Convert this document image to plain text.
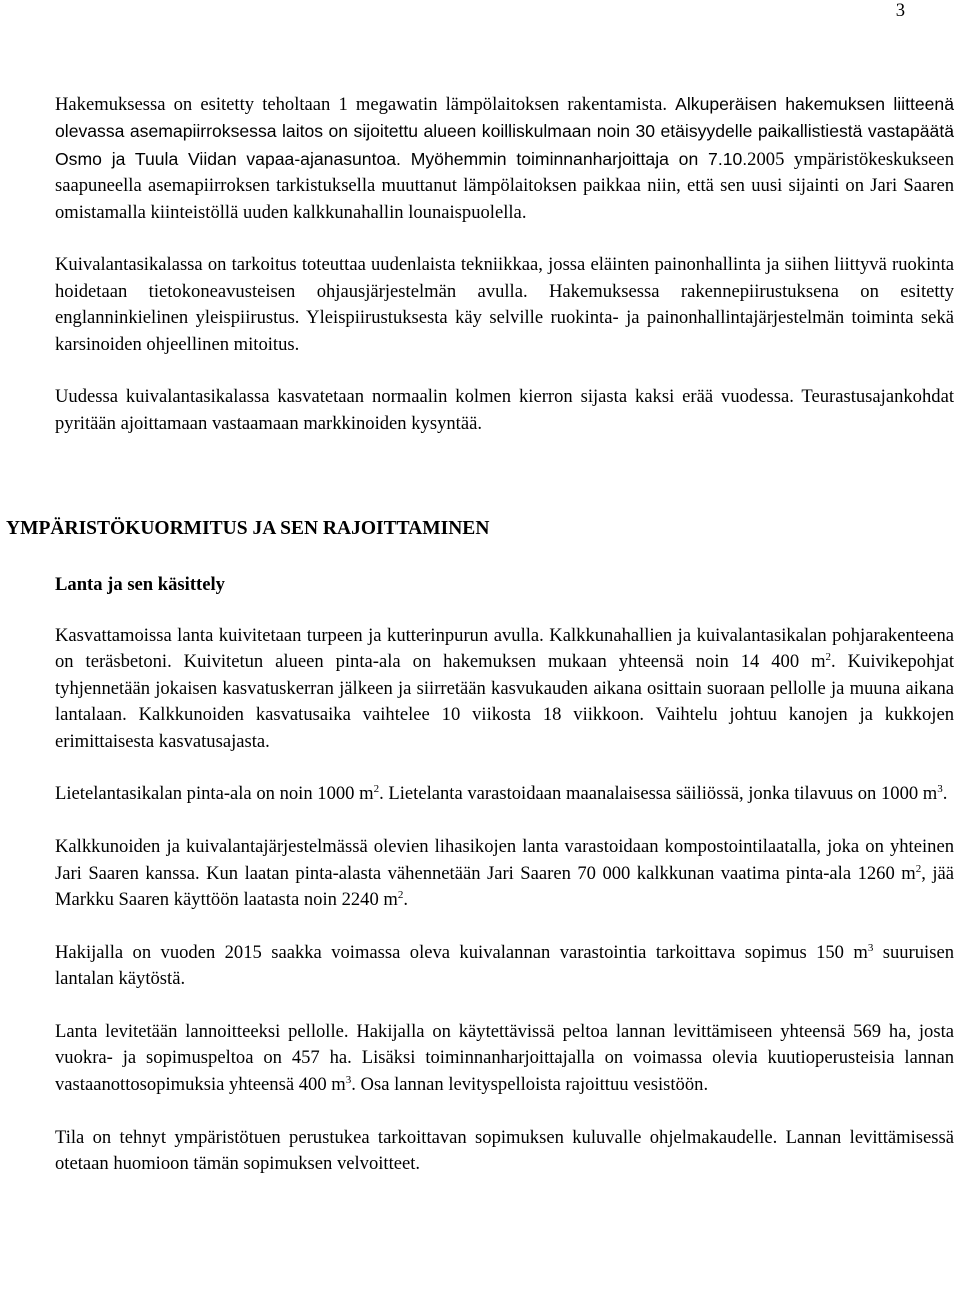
3

Hakemuksessa on esitetty teholtaan 1 megawatin lämpölaitoksen rakentamista. Alkuperäisen hakemuksen liitteenä olevassa asemapiirroksessa laitos on sijoitettu alueen koilliskulmaan noin 30 etäisyydelle paikallistiestä vastapäätä Osmo ja Tuula Viidan vapaa-ajanasuntoa. Myöhemmin toiminnanharjoittaja on 7.10.2005 ympäristökeskukseen saapuneella asemapiirroksen tarkistuksella muuttanut lämpölaitoksen paikkaa niin, että sen uusi sijainti on Jari Saaren omistamalla kiinteistöllä uuden kalkkunahallin lounaispuolella.

Kuivalantasikalassa on tarkoitus toteuttaa uudenlaista tekniikkaa, jossa eläinten painonhallinta ja siihen liittyvä ruokinta hoidetaan tietokoneavusteisen ohjausjärjestelmän avulla. Hakemuksessa rakennepiirustuksena on esitetty englanninkielinen yleispiirustus. Yleispiirustuksesta käy selville ruokinta- ja painonhallintajärjestelmän toiminta sekä karsinoiden ohjeellinen mitoitus.

Uudessa kuivalantasikalassa kasvatetaan normaalin kolmen kierron sijasta kaksi erää vuodessa. Teurastusajankohdat pyritään ajoittamaan vastaamaan markkinoiden kysyntää.

YMPÄRISTÖKUORMITUS JA SEN RAJOITTAMINEN
Lanta ja sen käsittely

Kasvattamoissa lanta kuivitetaan turpeen ja kutterinpurun avulla. Kalkkunahallien ja kuivalantasikalan pohjarakenteena on teräsbetoni. Kuivitetun alueen pinta-ala on hakemuksen mukaan yhteensä noin 14 400 $m^2$. Kuivikepohjat tyhjennetään jokaisen kasvatuskerran jälkeen ja siirretään kasvukauden aikana osittain suoraan pellolle ja muuna aikana lantalaan. Kalkkunoiden kasvatusaika vaihtelee 10 viikosta 18 viikkoon. Vaihtelu johtuu kanojen ja kukkojen erimittaisesta kasvatusajasta.

Lietelantasikalan pinta-ala on noin 1000 $m^2$. Lietelanta varastoidaan maanalaisessa säiliössä, jonka tilavuus on 1000 $m^3$.

Kalkkunoiden ja kuivalantajärjestelmässä olevien lihasikojen lanta varastoidaan kompostointilaatalla, joka on yhteinen Jari Saaren kanssa. Kun laatan pinta-alasta vähennetään Jari Saaren 70 000 kalkkunan vaatima pinta-ala 1260 $m^2$, jää Markku Saaren käyttöön laatasta noin 2240 $m^2$.

Hakijalla on vuoden 2015 saakka voimassa oleva kuivalannan varastointia tarkoittava sopimus 150 $m^3$ suuruisen lantalan käytöstä.

Lanta levitetään lannoitteeksi pellolle. Hakijalla on käytettävissä peltoa lannan levittämiseen yhteensä 569 ha, josta vuokra- ja sopimuspeltoa on 457 ha. Lisäksi toiminnanharjoittajalla on voimassa olevia kuutioperusteisia lannan vastaanottosopimuksia yhteensä 400 $m^3$. Osa lannan levityspelloista rajoittuu vesistöön.

Tila on tehnyt ympäristötuen perustukea tarkoittavan sopimuksen kuluvalle ohjelmakaudelle. Lannan levittämisessä otetaan huomioon tämän sopimuksen velvoitteet.
